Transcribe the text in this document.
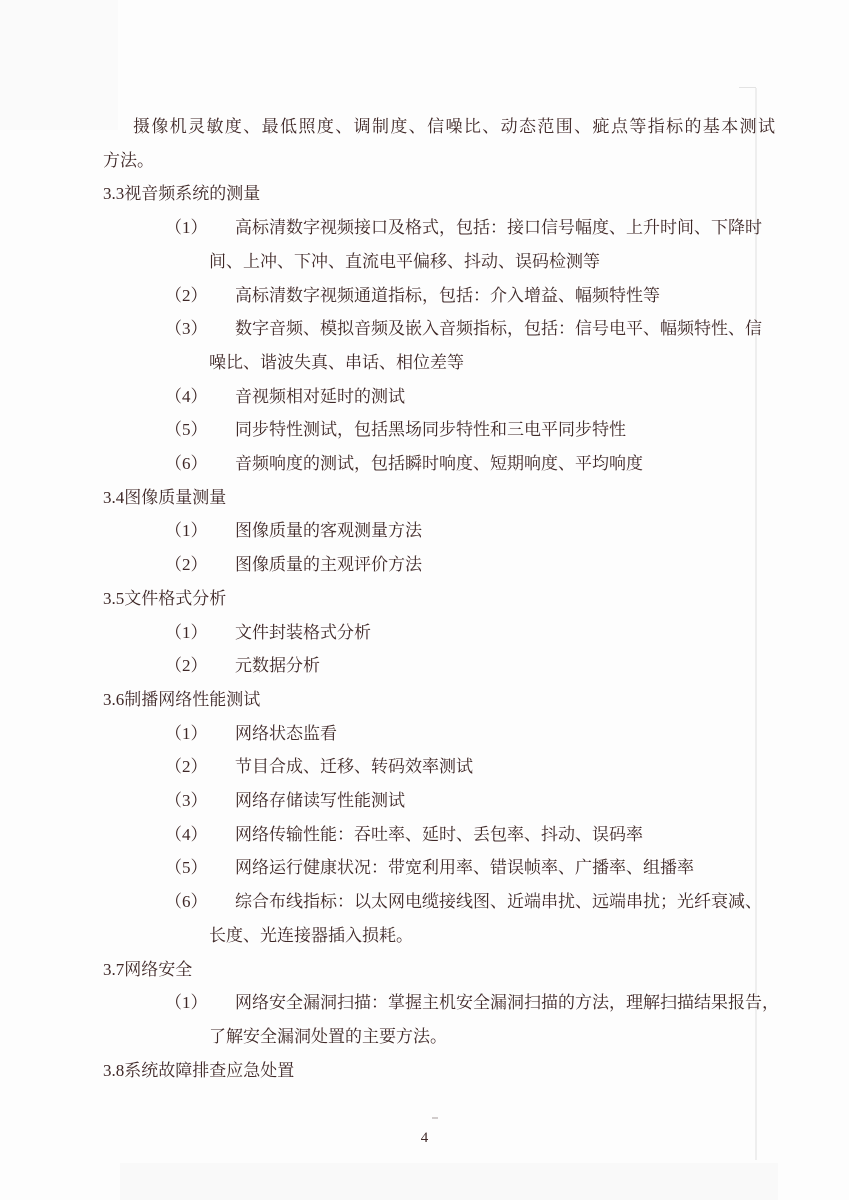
摄像机灵敏度、最低照度、调制度、信噪比、动态范围、疵点等指标的基本测试
方法。
3.3视音频系统的测量
（1） 高标清数字视频接口及格式，包括：接口信号幅度、上升时间、下降时
间、上冲、下冲、直流电平偏移、抖动、误码检测等
（2） 高标清数字视频通道指标，包括：介入增益、幅频特性等
（3） 数字音频、模拟音频及嵌入音频指标，包括：信号电平、幅频特性、信
噪比、谐波失真、串话、相位差等
（4） 音视频相对延时的测试
（5） 同步特性测试，包括黑场同步特性和三电平同步特性
（6） 音频响度的测试，包括瞬时响度、短期响度、平均响度
3.4图像质量测量
（1） 图像质量的客观测量方法
（2） 图像质量的主观评价方法
3.5文件格式分析
（1） 文件封装格式分析
（2） 元数据分析
3.6制播网络性能测试
（1） 网络状态监看
（2） 节目合成、迁移、转码效率测试
（3） 网络存储读写性能测试
（4） 网络传输性能：吞吐率、延时、丢包率、抖动、误码率
（5） 网络运行健康状况：带宽利用率、错误帧率、广播率、组播率
（6） 综合布线指标：以太网电缆接线图、近端串扰、远端串扰；光纤衰减、
长度、光连接器插入损耗。
3.7网络安全
（1） 网络安全漏洞扫描：掌握主机安全漏洞扫描的方法，理解扫描结果报告，
了解安全漏洞处置的主要方法。
3.8系统故障排查应急处置
4
